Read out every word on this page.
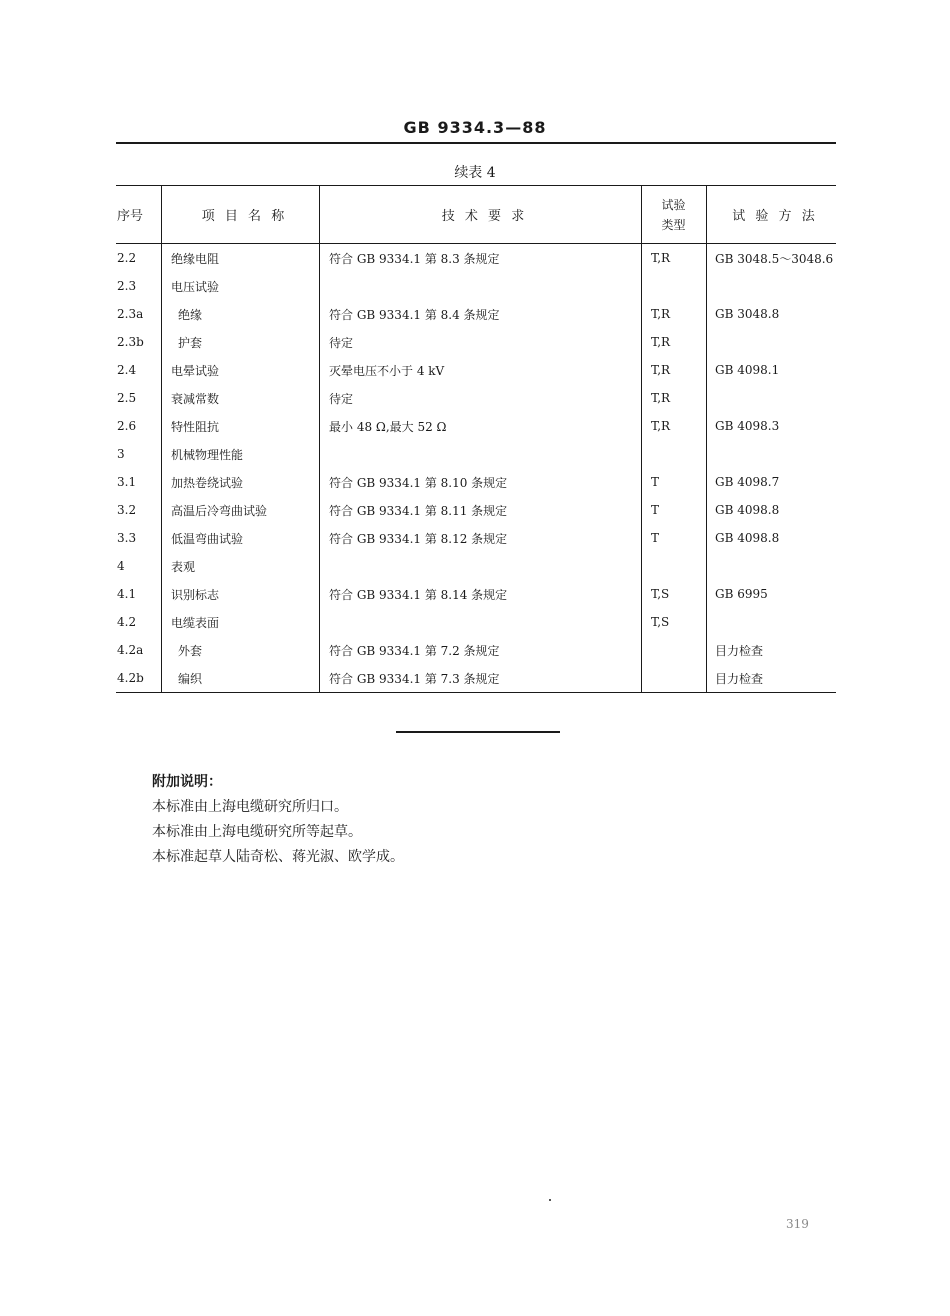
GB 9334.3—88
续表 4
序号	项 目 名 称	技 术 要 求	试验类型	试 验 方 法
2.2	绝缘电阻	符合 GB 9334.1 第 8.3 条规定	T,R	GB 3048.5～3048.6
2.3	电压试验			
2.3a	绝缘	符合 GB 9334.1 第 8.4 条规定	T,R	GB 3048.8
2.3b	护套	待定	T,R	
2.4	电晕试验	灭晕电压不小于 4 kV	T,R	GB 4098.1
2.5	衰减常数	待定	T,R	
2.6	特性阻抗	最小 48 Ω,最大 52 Ω	T,R	GB 4098.3
3	机械物理性能			
3.1	加热卷绕试验	符合 GB 9334.1 第 8.10 条规定	T	GB 4098.7
3.2	高温后冷弯曲试验	符合 GB 9334.1 第 8.11 条规定	T	GB 4098.8
3.3	低温弯曲试验	符合 GB 9334.1 第 8.12 条规定	T	GB 4098.8
4	表观			
4.1	识别标志	符合 GB 9334.1 第 8.14 条规定	T,S	GB 6995
4.2	电缆表面		T,S	
4.2a	外套	符合 GB 9334.1 第 7.2 条规定		目力检查
4.2b	编织	符合 GB 9334.1 第 7.3 条规定		目力检查
附加说明：
本标准由上海电缆研究所归口。
本标准由上海电缆研究所等起草。
本标准起草人陆奇松、蒋光淑、欧学成。
319
